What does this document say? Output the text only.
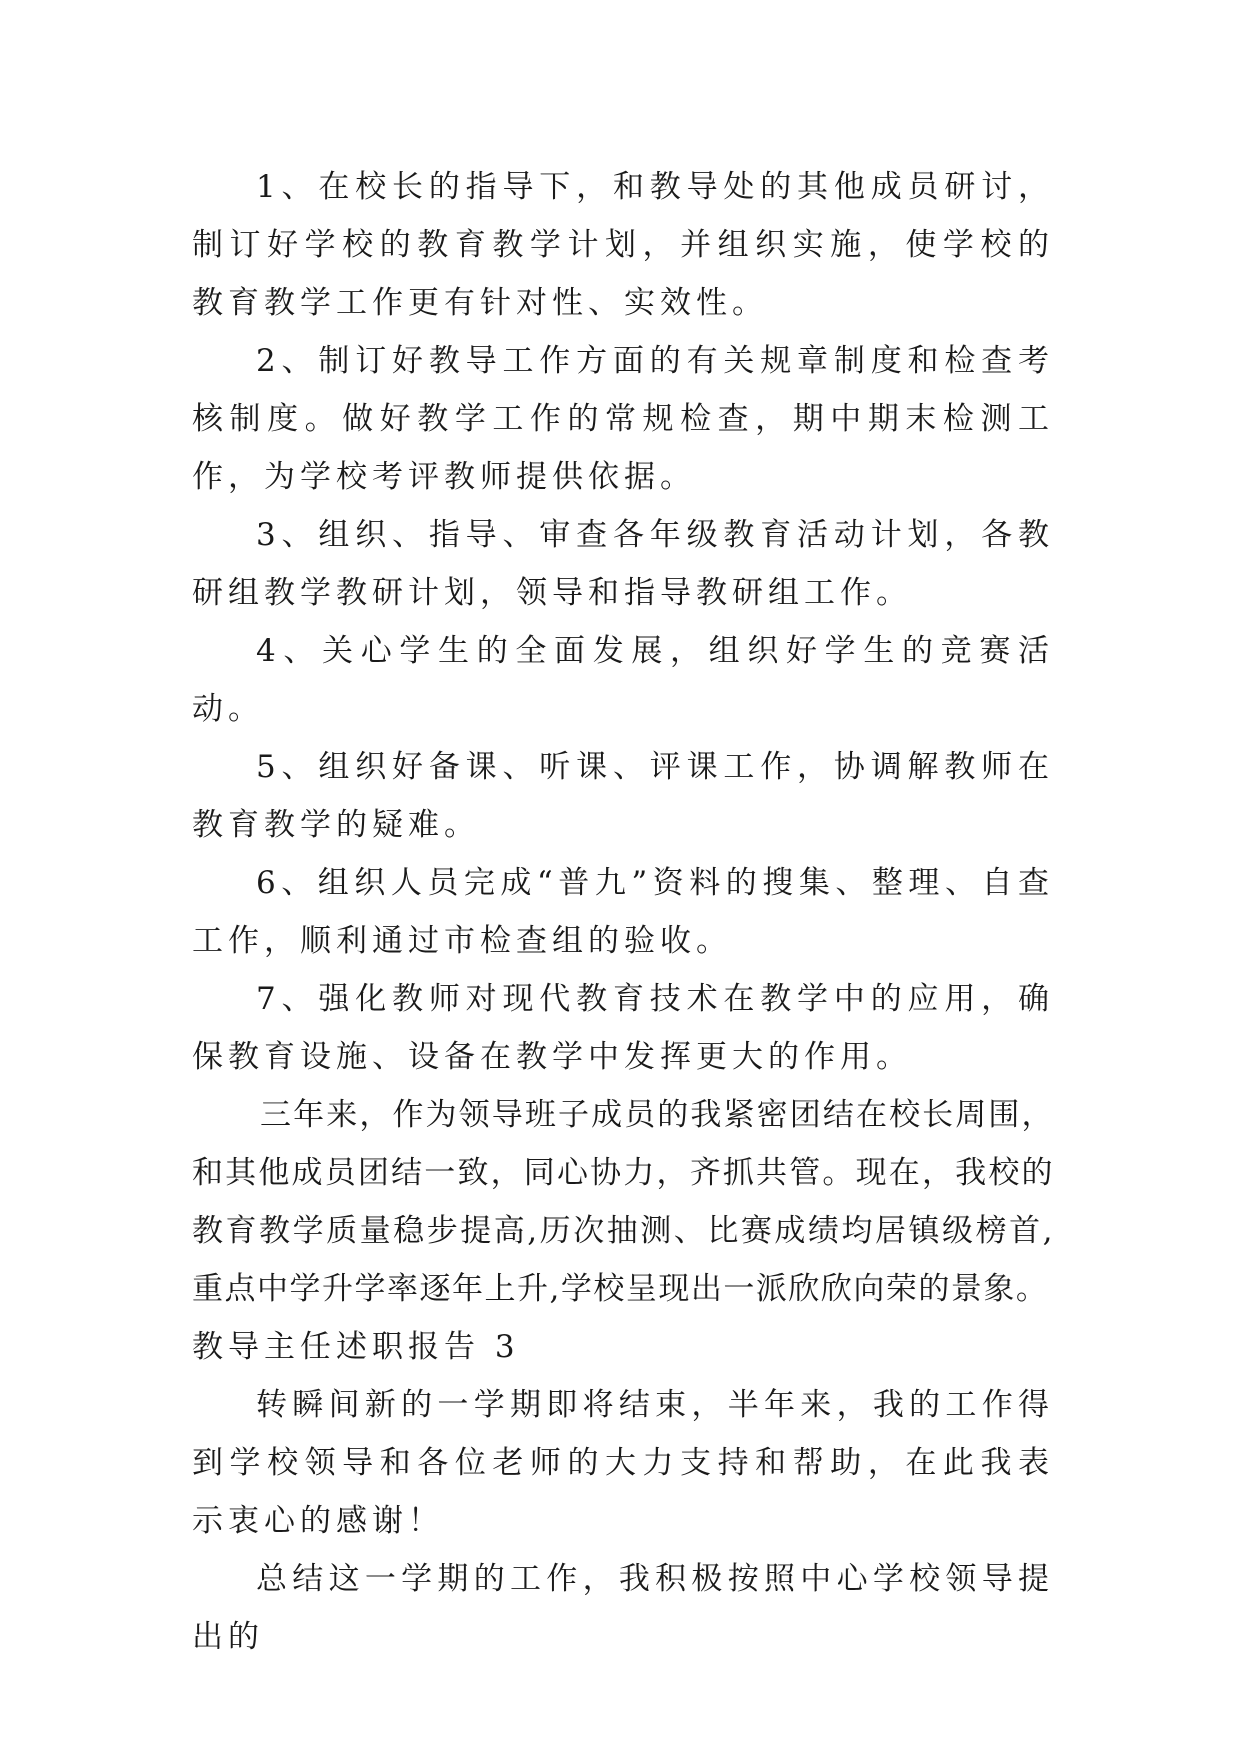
1、在校长的指导下，和教导处的其他成员研讨，制订好学校的教育教学计划，并组织实施，使学校的教育教学工作更有针对性、实效性。

2、制订好教导工作方面的有关规章制度和检查考核制度。做好教学工作的常规检查，期中期末检测工作，为学校考评教师提供依据。

3、组织、指导、审查各年级教育活动计划，各教研组教学教研计划，领导和指导教研组工作。

4、关心学生的全面发展，组织好学生的竞赛活动。

5、组织好备课、听课、评课工作，协调解教师在教育教学的疑难。

6、组织人员完成“普九”资料的搜集、整理、自查工作，顺利通过市检查组的验收。

7、强化教师对现代教育技术在教学中的应用，确保教育设施、设备在教学中发挥更大的作用。

三年来，作为领导班子成员的我紧密团结在校长周围，和其他成员团结一致，同心协力，齐抓共管。现在，我校的教育教学质量稳步提高,历次抽测、比赛成绩均居镇级榜首,重点中学升学率逐年上升,学校呈现出一派欣欣向荣的景象。

教导主任述职报告 3

转瞬间新的一学期即将结束，半年来，我的工作得到学校领导和各位老师的大力支持和帮助，在此我表示衷心的感谢！

总结这一学期的工作，我积极按照中心学校领导提出的
